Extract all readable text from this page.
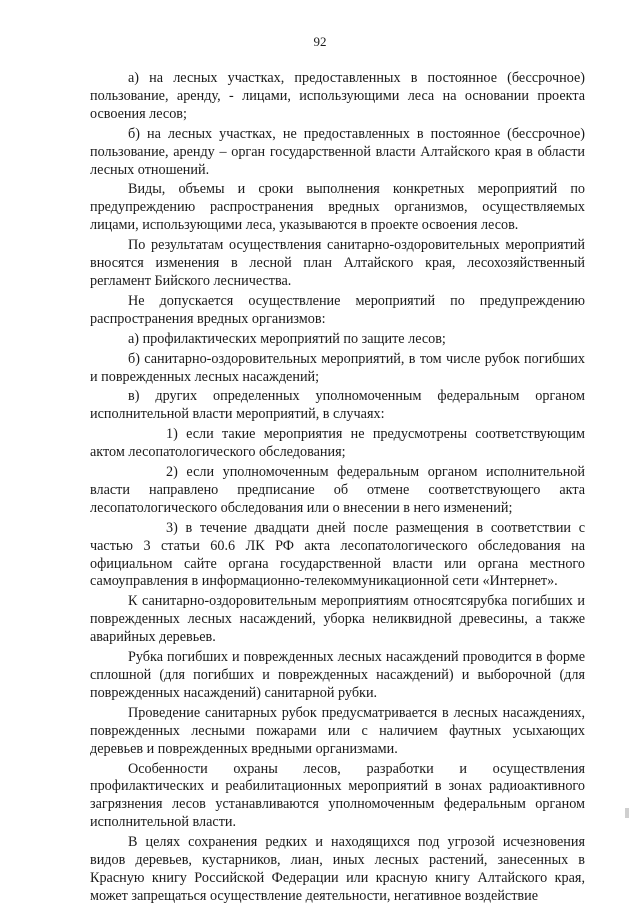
92

а) на лесных участках, предоставленных в постоянное (бессрочное) пользование, аренду, - лицами, использующими леса на основании проекта освоения лесов;

б) на лесных участках, не предоставленных в постоянное (бессрочное) пользование, аренду – орган государственной власти Алтайского края в области лесных отношений.

Виды, объемы и сроки выполнения конкретных мероприятий по предупреждению распространения вредных организмов, осуществляемых лицами, использующими леса, указываются в проекте освоения лесов.

По результатам осуществления санитарно-оздоровительных мероприятий вносятся изменения в лесной план Алтайского края, лесохозяйственный регламент Бийского лесничества.

Не допускается осуществление мероприятий по предупреждению распространения вредных организмов:

а) профилактических мероприятий по защите лесов;

б) санитарно-оздоровительных мероприятий, в том числе рубок погибших и поврежденных лесных насаждений;

в) других определенных уполномоченным федеральным органом исполнительной власти мероприятий, в случаях:

1) если такие мероприятия не предусмотрены соответствующим актом лесопатологического обследования;

2) если уполномоченным федеральным органом исполнительной власти направлено предписание об отмене соответствующего акта лесопатологического обследования или о внесении в него изменений;

3) в течение двадцати дней после размещения в соответствии с частью 3 статьи 60.6 ЛК РФ акта лесопатологического обследования на официальном сайте органа государственной власти или органа местного самоуправления в информационно-телекоммуникационной сети «Интернет».

К санитарно-оздоровительным мероприятиям относятсярубка погибших и поврежденных лесных насаждений, уборка неликвидной древесины, а также аварийных деревьев.

Рубка погибших и поврежденных лесных насаждений проводится в форме сплошной (для погибших и поврежденных насаждений) и выборочной (для поврежденных насаждений) санитарной рубки.

Проведение санитарных рубок предусматривается в лесных насаждениях, поврежденных лесными пожарами или с наличием фаутных усыхающих деревьев и поврежденных вредными организмами.

Особенности охраны лесов, разработки и осуществления профилактических и реабилитационных мероприятий в зонах радиоактивного загрязнения лесов устанавливаются уполномоченным федеральным органом исполнительной власти.

В целях сохранения редких и находящихся под угрозой исчезновения видов деревьев, кустарников, лиан, иных лесных растений, занесенных в Красную книгу Российской Федерации или красную книгу Алтайского края, может запрещаться осуществление деятельности, негативное воздействие
